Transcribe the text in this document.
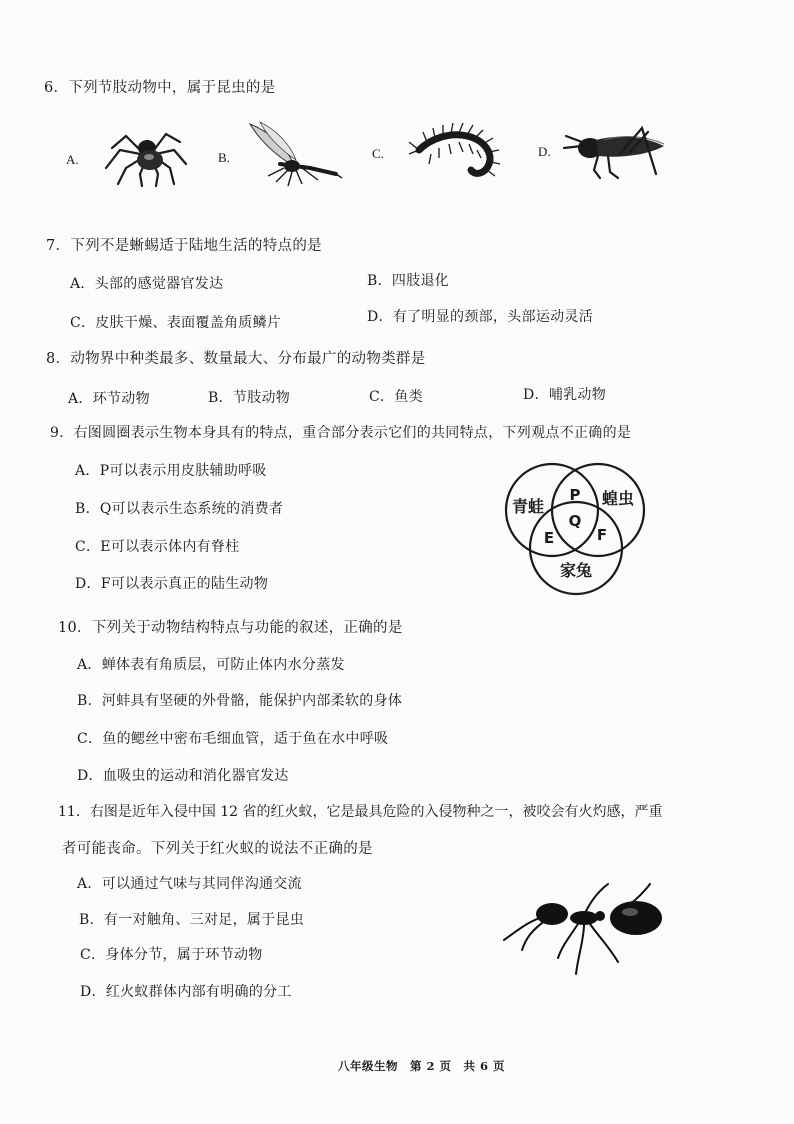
6．下列节肢动物中，属于昆虫的是
A.	B.	C.	D.
7．下列不是蜥蜴适于陆地生活的特点的是
A．头部的感觉器官发达	B．四肢退化
C．皮肤干燥、表面覆盖角质鳞片	D．有了明显的颈部，头部运动灵活
8．动物界中种类最多、数量最大、分布最广的动物类群是
A．环节动物	B．节肢动物	C．鱼类	D．哺乳动物
9．右图圆圈表示生物本身具有的特点，重合部分表示它们的共同特点，下列观点不正确的是
A．P可以表示用皮肤辅助呼吸
B．Q可以表示生态系统的消费者
C．E可以表示体内有脊柱
D．F可以表示真正的陆生动物
青蛙	蝗虫
家兔
P
Q
E	F
10．下列关于动物结构特点与功能的叙述，正确的是
A．蝉体表有角质层，可防止体内水分蒸发
B．河蚌具有坚硬的外骨骼，能保护内部柔软的身体
C．鱼的鳃丝中密布毛细血管，适于鱼在水中呼吸
D．血吸虫的运动和消化器官发达
11．右图是近年入侵中国 12 省的红火蚁，它是最具危险的入侵物种之一，被咬会有火灼感，严重
者可能丧命。下列关于红火蚁的说法不正确的是
A．可以通过气味与其同伴沟通交流
B．有一对触角、三对足，属于昆虫
C．身体分节，属于环节动物
D．红火蚁群体内部有明确的分工
八年级生物　第 2 页　共 6 页
